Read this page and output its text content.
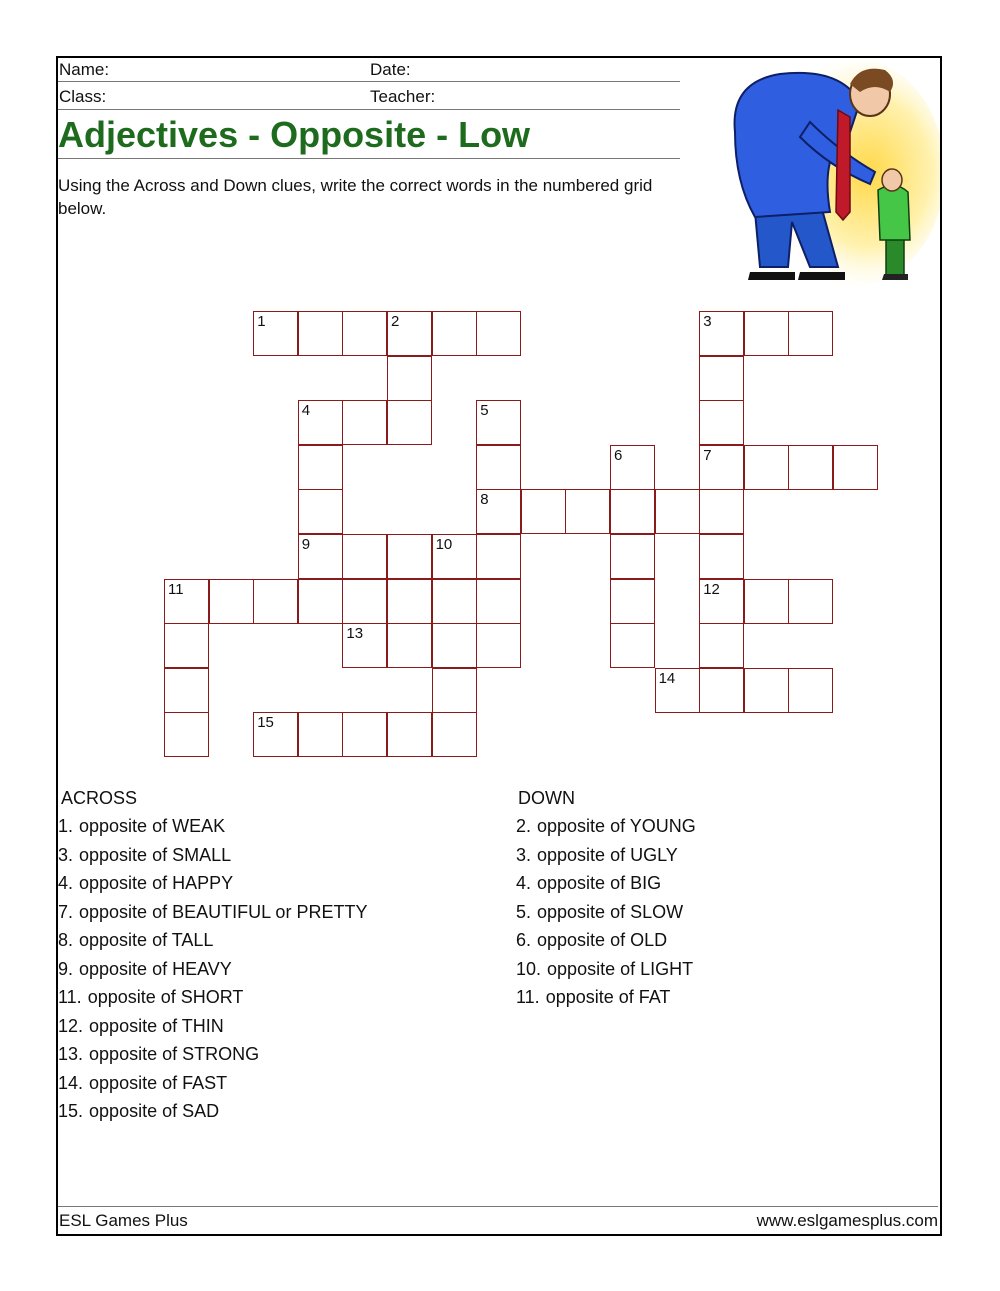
Name:	Date:
Class:	Teacher:
Adjectives - Opposite - Low
Using the Across and Down clues, write the correct words in the numbered grid below.
1	2	3
4	5
6	7
8
9	10
11	12
13
14
15
ACROSS
1. opposite of WEAK
3. opposite of SMALL
4. opposite of HAPPY
7. opposite of BEAUTIFUL or PRETTY
8. opposite of TALL
9. opposite of HEAVY
11. opposite of SHORT
12. opposite of THIN
13. opposite of STRONG
14. opposite of FAST
15. opposite of SAD
DOWN
2. opposite of YOUNG
3. opposite of UGLY
4. opposite of BIG
5. opposite of SLOW
6. opposite of OLD
10. opposite of LIGHT
11. opposite of FAT
ESL Games Plus	www.eslgamesplus.com
